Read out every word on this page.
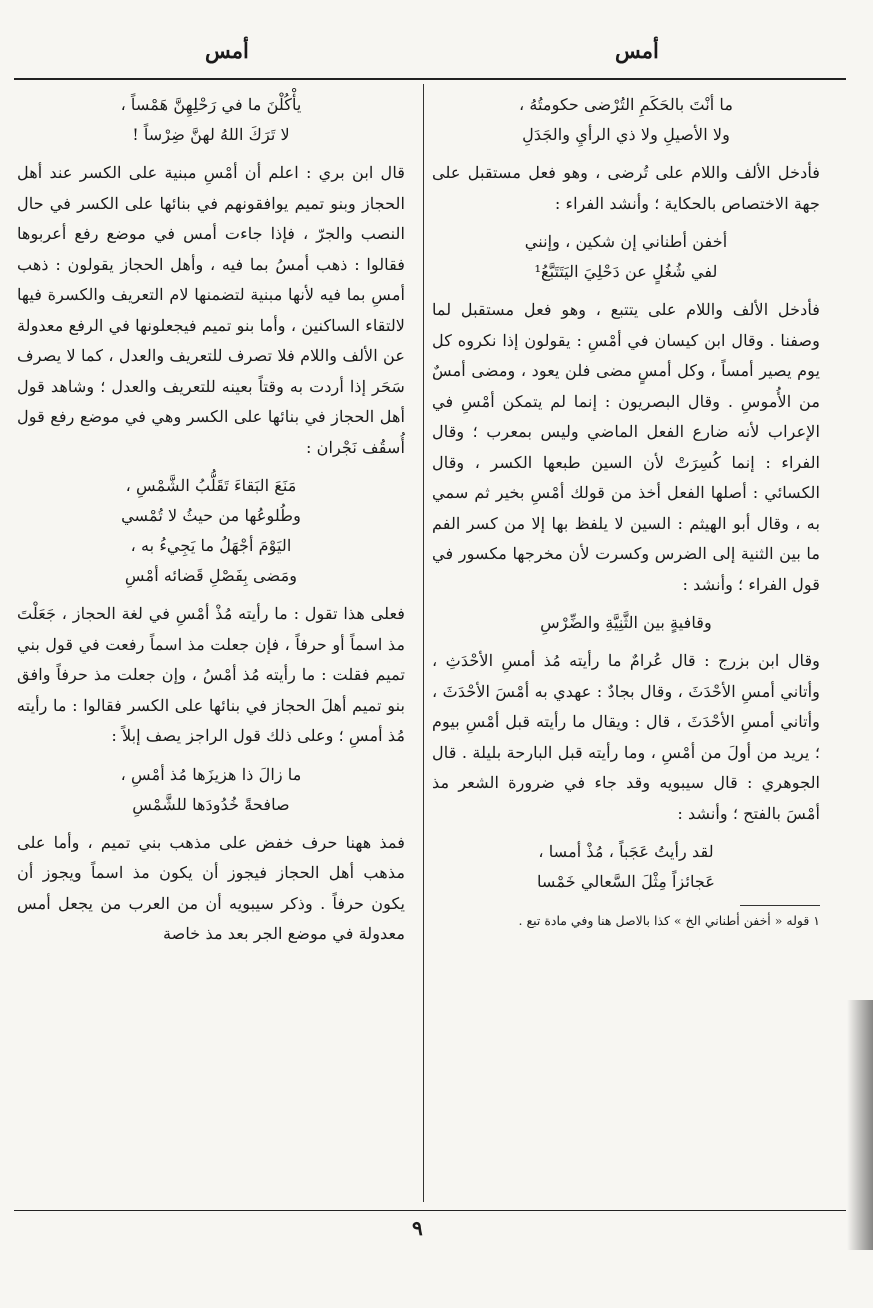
أمس	أمس
ما أنْتَ بالحَكَمِ التُرْضى حكومتُهُ ،
ولا الأصيلِ ولا ذي الرأيِ والجَدَلِ
فأدخل الألف واللام على تُرضى ، وهو فعل مستقبل على جهة الاختصاص بالحكاية ؛ وأنشد الفراء :
أخفن أطناني إن شكين ، وإنني
لفي شُغُلٍ عن دَحْلِيَ اليَتَتَبَّعُ¹
فأدخل الألف واللام على يتتبع ، وهو فعل مستقبل لما وصفنا . وقال ابن كيسان في أمْسِ : يقولون إذا نكروه كل يوم يصير أمساً ، وكل أمسٍ مضى فلن يعود ، ومضى أمسٌ من الأُموسِ . وقال البصريون : إنما لم يتمكن أمْسِ في الإعراب لأنه ضارع الفعل الماضي وليس بمعرب ؛ وقال الفراء : إنما كُسِرَتْ لأن السين طبعها الكسر ، وقال الكسائي : أصلها الفعل أخذ من قولك أمْسِ بخير ثم سمي به ، وقال أبو الهيثم : السين لا يلفظ بها إلا من كسر الفم ما بين الثنية إلى الضرس وكسرت لأن مخرجها مكسور في قول الفراء ؛ وأنشد :
وقافيةٍ بين الثَّنِيَّةِ والضِّرْسِ
وقال ابن بزرج : قال عُرامٌ ما رأيته مُذ أمسِ الأحْدَثِ ، وأتاني أمسِ الأحْدَثَ ، وقال بجادٌ : عهدي به أمْسَ الأحْدَثَ ، وأتاني أمسِ الأحْدَثَ ، قال : ويقال ما رأيته قبل أمْسِ بيوم ؛ يريد من أولَ من أمْسِ ، وما رأيته قبل البارحة بليلة . قال الجوهري : قال سيبويه وقد جاء في ضرورة الشعر مذ أمْسَ بالفتح ؛ وأنشد :
لقد رأيتُ عَجَباً ، مُذْ أمسا ،
عَجائزاً مِثْلَ السَّعالي خَمْسا
١ قوله « أخفن أطناني الخ » كذا بالاصل هنا وفي مادة تبع .
يأْكُلْنَ ما في رَحْلِهِنَّ هَمْساً ،
لا تَرَكَ اللهُ لهنَّ ضِرْساً !
قال ابن بري : اعلم أن أمْسِ مبنية على الكسر عند أهل الحجاز وبنو تميم يوافقونهم في بنائها على الكسر في حال النصب والجرّ ، فإذا جاءت أمس في موضع رفع أعربوها فقالوا : ذهب أمسُ بما فيه ، وأهل الحجاز يقولون : ذهب أمسِ بما فيه لأنها مبنية لتضمنها لام التعريف والكسرة فيها لالتقاء الساكنين ، وأما بنو تميم فيجعلونها في الرفع معدولة عن الألف واللام فلا تصرف للتعريف والعدل ، كما لا يصرف سَحَر إذا أردت به وقتاً بعينه للتعريف والعدل ؛ وشاهد قول أهل الحجاز في بنائها على الكسر وهي في موضع رفع قول أُسقُف نَجْران :
مَنَعَ البَقاءَ تَقَلُّبُ الشَّمْسِ ،
وطُلوعُها من حيثُ لا تُمْسي
اليَوْمَ أجْهَلُ ما يَجِيءُ به ،
ومَضى بِفَصْلِ قَضائه أمْسِ
فعلى هذا تقول : ما رأيته مُذْ أمْسِ في لغة الحجاز ، جَعَلْتَ مذ اسماً أو حرفاً ، فإن جعلت مذ اسماً رفعت في قول بني تميم فقلت : ما رأيته مُذ أمْسُ ، وإن جعلت مذ حرفاً وافق بنو تميم أهلَ الحجاز في بنائها على الكسر فقالوا : ما رأيته مُذ أمسِ ؛ وعلى ذلك قول الراجز يصف إبلاً :
ما زالَ ذا هزيزَها مُذ أمْسِ ،
صافحةً خُدُودَها للشَّمْسِ
فمذ ههنا حرف خفض على مذهب بني تميم ، وأما على مذهب أهل الحجاز فيجوز أن يكون مذ اسماً ويجوز أن يكون حرفاً . وذكر سيبويه أن من العرب من يجعل أمس معدولة في موضع الجر بعد مذ خاصة
٩
